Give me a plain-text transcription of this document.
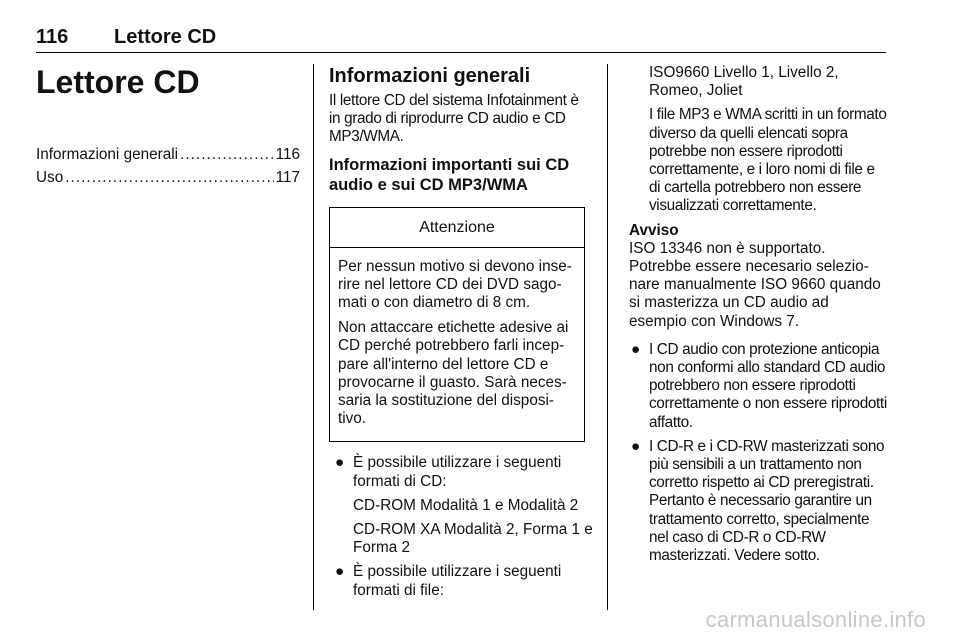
116 Lettore CD
Lettore CD
Informazioni generali . . .	116
Uso . . .	117
Informazioni generali

Il lettore CD del sistema Infotainment è in grado di riprodurre CD audio e CD MP3/WMA.

Informazioni importanti sui CD audio e sui CD MP3/WMA
Attenzione

Per nessun motivo si devono inserire nel lettore CD dei DVD sagomati o con diametro di 8 cm.

Non attaccare etichette adesive ai CD perché potrebbero farli inceppare all'interno del lettore CD e provocarne il guasto. Sarà necessaria la sostituzione del dispositivo.

● È possibile utilizzare i seguenti formati di CD:

CD-ROM Modalità 1 e Modalità 2

CD-ROM XA Modalità 2, Forma 1 e Forma 2

● È possibile utilizzare i seguenti formati di file:

ISO9660 Livello 1, Livello 2, Romeo, Joliet

I file MP3 e WMA scritti in un formato diverso da quelli elencati sopra potrebbe non essere riprodotti correttamente, e i loro nomi di file e di cartella potrebbero non essere visualizzati correttamente.

Avviso
ISO 13346 non è supportato. Potrebbe essere necesario selezionare manualmente ISO 9660 quando si masterizza un CD audio ad esempio con Windows 7.
● I CD audio con protezione anticopia non conformi allo standard CD audio potrebbero non essere riprodotti correttamente o non essere riprodotti affatto.

● I CD-R e i CD-RW masterizzati sono più sensibili a un trattamento non corretto rispetto ai CD preregistrati. Pertanto è necessario garantire un trattamento corretto, specialmente nel caso di CD-R o CD-RW masterizzati. Vedere sotto.

carmanualsonline.info
